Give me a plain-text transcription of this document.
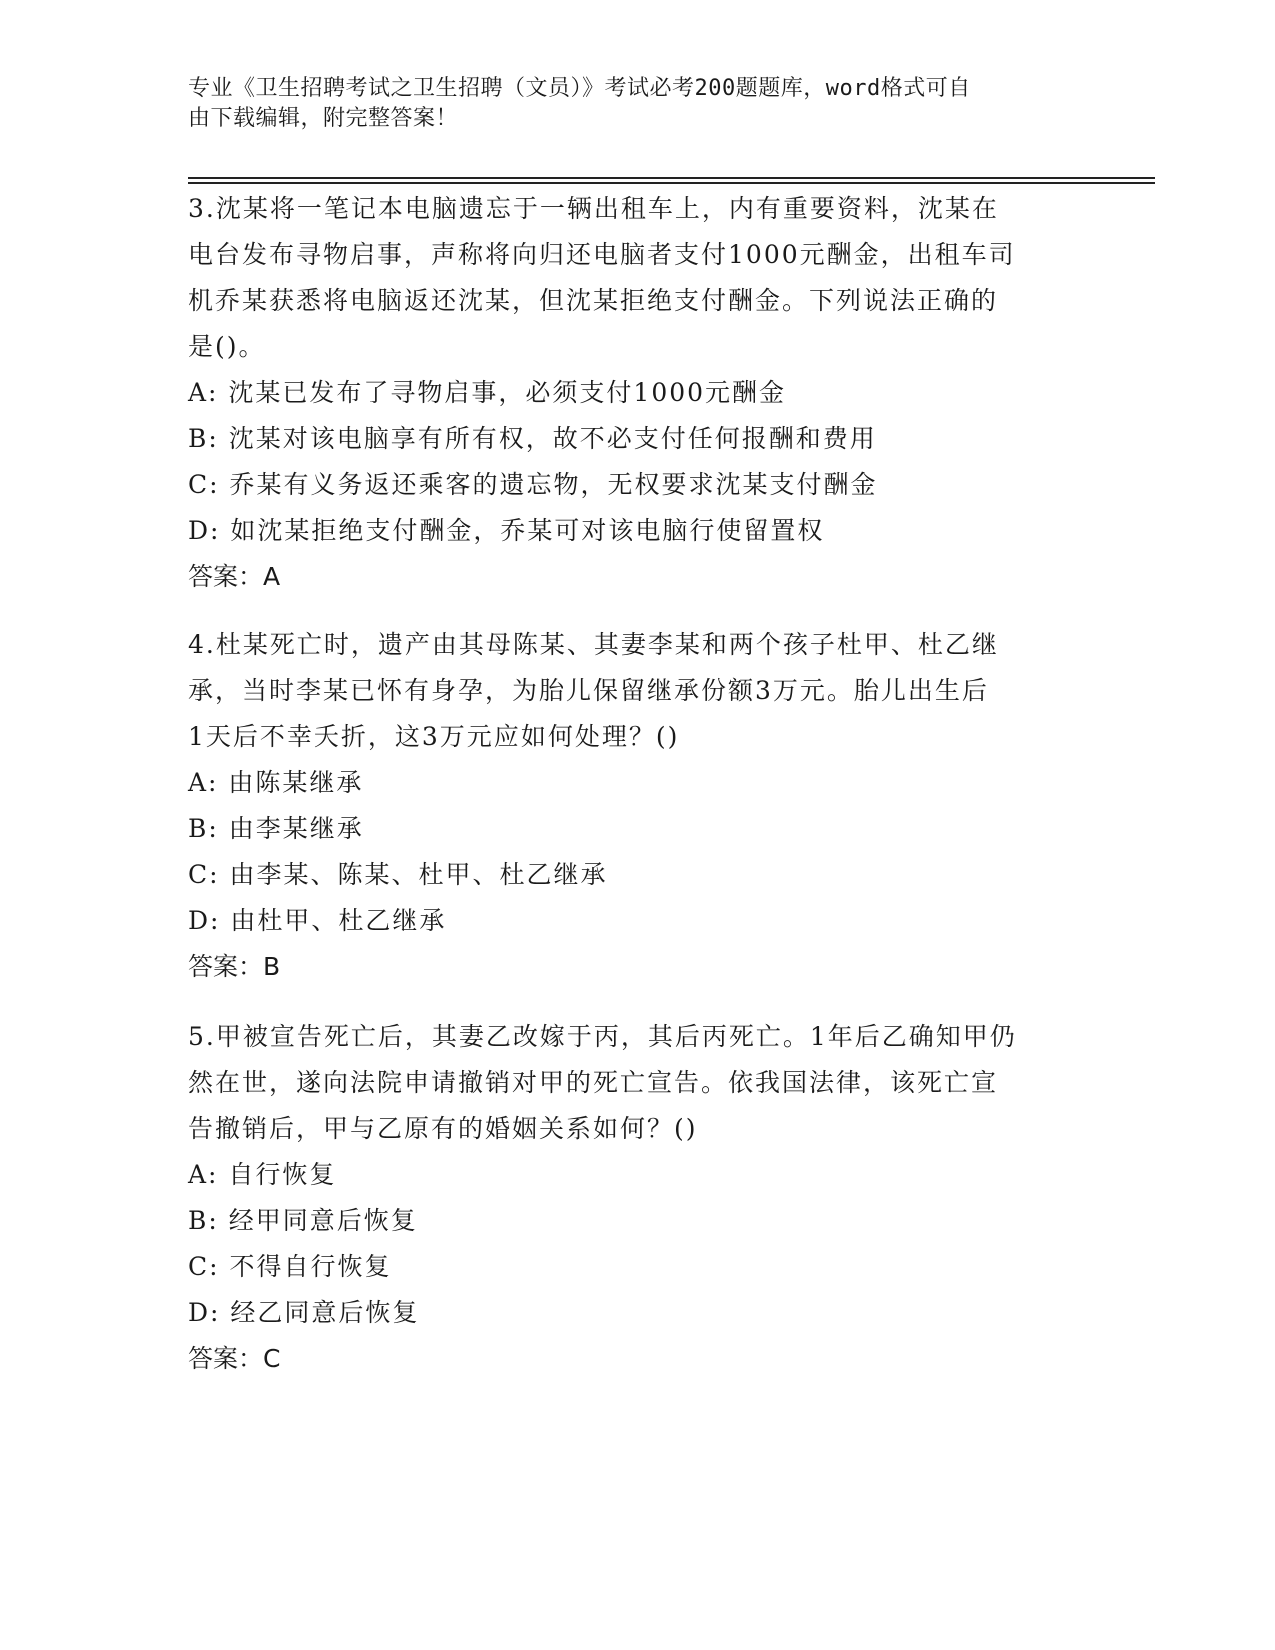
专业《卫生招聘考试之卫生招聘（文员）》考试必考200题题库，word格式可自
由下载编辑，附完整答案！
3.沈某将一笔记本电脑遗忘于一辆出租车上，内有重要资料，沈某在
电台发布寻物启事，声称将向归还电脑者支付1000元酬金，出租车司
机乔某获悉将电脑返还沈某，但沈某拒绝支付酬金。下列说法正确的
是()。
A: 沈某已发布了寻物启事，必须支付1000元酬金
B: 沈某对该电脑享有所有权，故不必支付任何报酬和费用
C: 乔某有义务返还乘客的遗忘物，无权要求沈某支付酬金
D: 如沈某拒绝支付酬金，乔某可对该电脑行使留置权
答案：A
4.杜某死亡时，遗产由其母陈某、其妻李某和两个孩子杜甲、杜乙继
承，当时李某已怀有身孕，为胎儿保留继承份额3万元。胎儿出生后
1天后不幸夭折，这3万元应如何处理？()
A: 由陈某继承
B: 由李某继承
C: 由李某、陈某、杜甲、杜乙继承
D: 由杜甲、杜乙继承
答案：B
5.甲被宣告死亡后，其妻乙改嫁于丙，其后丙死亡。1年后乙确知甲仍
然在世，遂向法院申请撤销对甲的死亡宣告。依我国法律，该死亡宣
告撤销后，甲与乙原有的婚姻关系如何？()
A: 自行恢复
B: 经甲同意后恢复
C: 不得自行恢复
D: 经乙同意后恢复
答案：C
